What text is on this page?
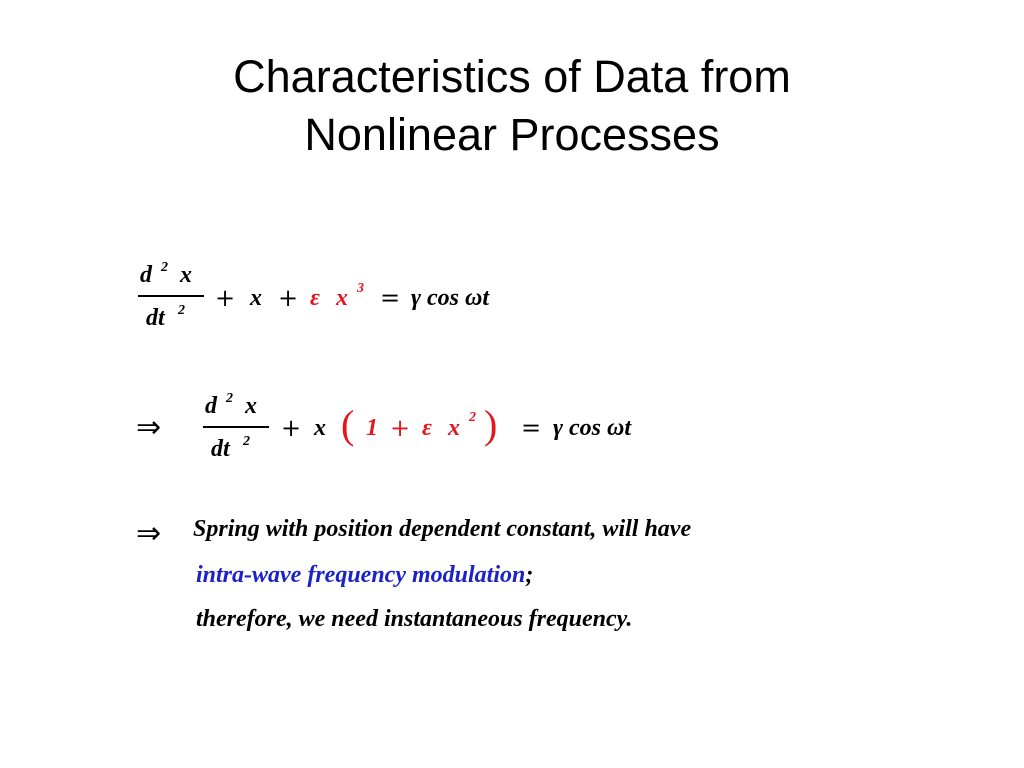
Characteristics of Data from
Nonlinear Processes
d 2 x
dt 2 + x + ε x 3 = γ cos ωt
⇒
d 2 x
dt 2 + x ( 1 + ε x 2 ) = γ cos ωt
⇒ Spring with position dependent constant, will have
intra-wave frequency modulation;
therefore, we need instantaneous frequency.
